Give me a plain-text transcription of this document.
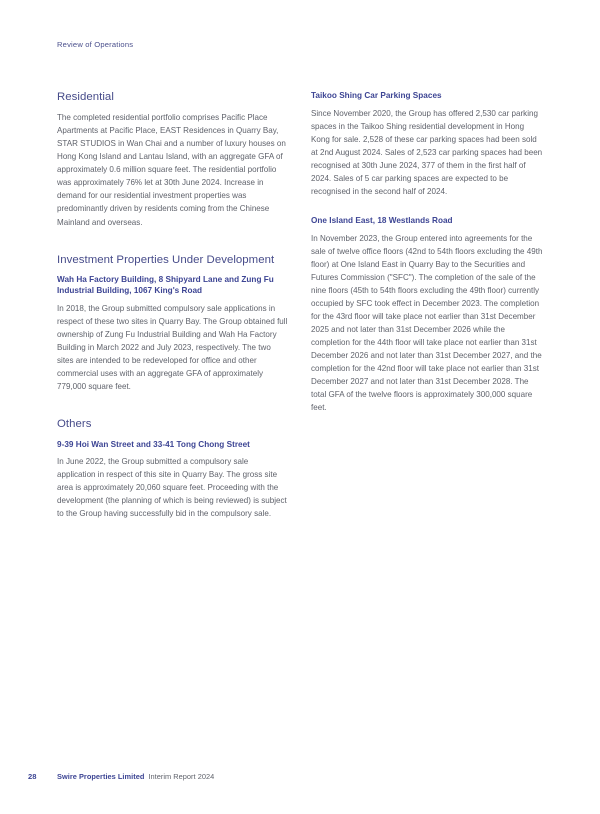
Review of Operations
Residential

The completed residential portfolio comprises Pacific Place Apartments at Pacific Place, EAST Residences in Quarry Bay, STAR STUDIOS in Wan Chai and a number of luxury houses on Hong Kong Island and Lantau Island, with an aggregate GFA of approximately 0.6 million square feet. The residential portfolio was approximately 76% let at 30th June 2024. Increase in demand for our residential investment properties was predominantly driven by residents coming from the Chinese Mainland and overseas.

Investment Properties Under Development
Wah Ha Factory Building, 8 Shipyard Lane and Zung Fu Industrial Building, 1067 King's Road

In 2018, the Group submitted compulsory sale applications in respect of these two sites in Quarry Bay. The Group obtained full ownership of Zung Fu Industrial Building and Wah Ha Factory Building in March 2022 and July 2023, respectively. The two sites are intended to be redeveloped for office and other commercial uses with an aggregate GFA of approximately 779,000 square feet.

Others
9-39 Hoi Wan Street and 33-41 Tong Chong Street

In June 2022, the Group submitted a compulsory sale application in respect of this site in Quarry Bay. The gross site area is approximately 20,060 square feet. Proceeding with the development (the planning of which is being reviewed) is subject to the Group having successfully bid in the compulsory sale.

Taikoo Shing Car Parking Spaces

Since November 2020, the Group has offered 2,530 car parking spaces in the Taikoo Shing residential development in Hong Kong for sale. 2,528 of these car parking spaces had been sold at 2nd August 2024. Sales of 2,523 car parking spaces had been recognised at 30th June 2024, 377 of them in the first half of 2024. Sales of 5 car parking spaces are expected to be recognised in the second half of 2024.

One Island East, 18 Westlands Road

In November 2023, the Group entered into agreements for the sale of twelve office floors (42nd to 54th floors excluding the 49th floor) at One Island East in Quarry Bay to the Securities and Futures Commission ("SFC"). The completion of the sale of the nine floors (45th to 54th floors excluding the 49th floor) currently occupied by SFC took effect in December 2023. The completion for the 43rd floor will take place not earlier than 31st December 2025 and not later than 31st December 2026 while the completion for the 44th floor will take place not earlier than 31st December 2026 and not later than 31st December 2027, and the completion for the 42nd floor will take place not earlier than 31st December 2027 and not later than 31st December 2028. The total GFA of the twelve floors is approximately 300,000 square feet.

28	Swire Properties Limited Interim Report 2024
